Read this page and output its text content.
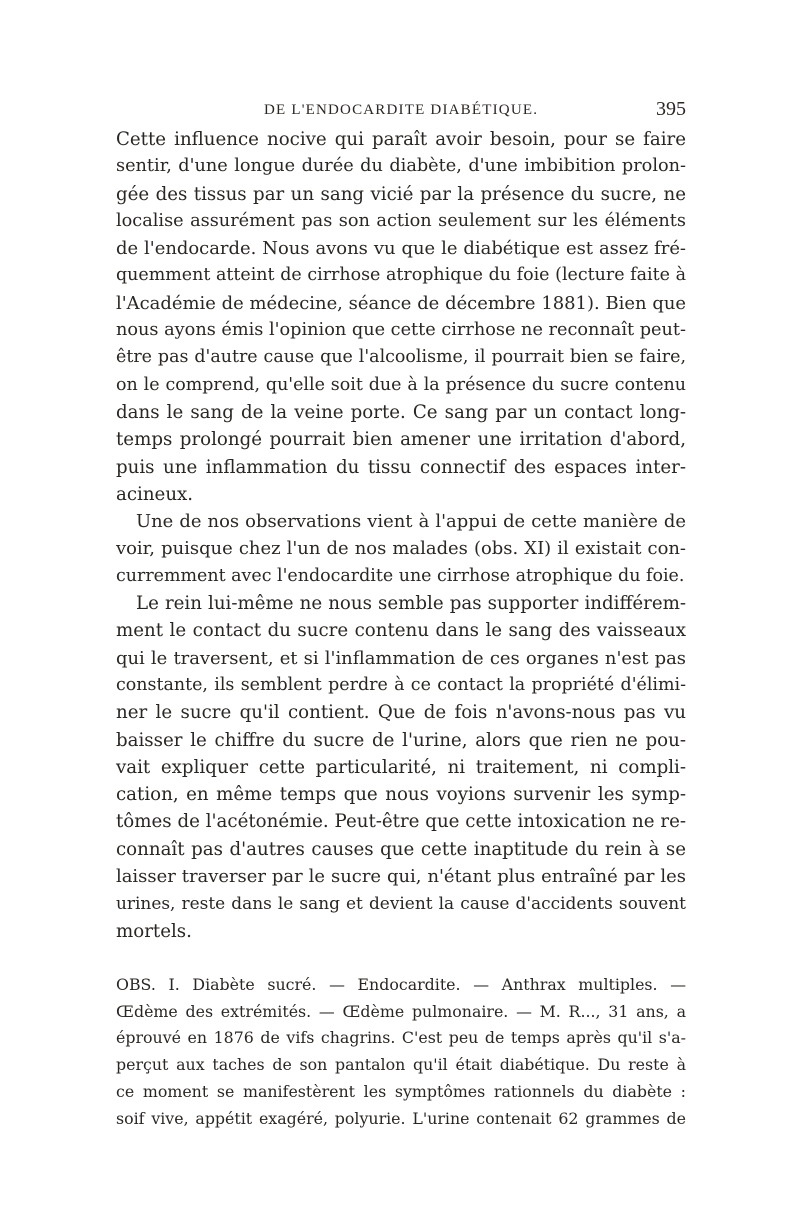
DE L'ENDOCARDITE DIABÉTIQUE.	395
Cette influence nocive qui paraît avoir besoin, pour se faire
sentir, d'une longue durée du diabète, d'une imbibition prolon-
gée des tissus par un sang vicié par la présence du sucre, ne
localise assurément pas son action seulement sur les éléments
de l'endocarde. Nous avons vu que le diabétique est assez fré-
quemment atteint de cirrhose atrophique du foie (lecture faite à
l'Académie de médecine, séance de décembre 1881). Bien que
nous ayons émis l'opinion que cette cirrhose ne reconnaît peut-
être pas d'autre cause que l'alcoolisme, il pourrait bien se faire,
on le comprend, qu'elle soit due à la présence du sucre contenu
dans le sang de la veine porte. Ce sang par un contact long-
temps prolongé pourrait bien amener une irritation d'abord,
puis une inflammation du tissu connectif des espaces inter-
acineux.
Une de nos observations vient à l'appui de cette manière de
voir, puisque chez l'un de nos malades (obs. XI) il existait con-
curremment avec l'endocardite une cirrhose atrophique du foie.
Le rein lui-même ne nous semble pas supporter indifférem-
ment le contact du sucre contenu dans le sang des vaisseaux
qui le traversent, et si l'inflammation de ces organes n'est pas
constante, ils semblent perdre à ce contact la propriété d'élimi-
ner le sucre qu'il contient. Que de fois n'avons-nous pas vu
baisser le chiffre du sucre de l'urine, alors que rien ne pou-
vait expliquer cette particularité, ni traitement, ni compli-
cation, en même temps que nous voyions survenir les symp-
tômes de l'acétonémie. Peut-être que cette intoxication ne re-
connaît pas d'autres causes que cette inaptitude du rein à se
laisser traverser par le sucre qui, n'étant plus entraîné par les
urines, reste dans le sang et devient la cause d'accidents souvent
mortels.
OBS. I. Diabète sucré. — Endocardite. — Anthrax multiples. —
Œdème des extrémités. — Œdème pulmonaire. — M. R..., 31 ans, a
éprouvé en 1876 de vifs chagrins. C'est peu de temps après qu'il s'a-
perçut aux taches de son pantalon qu'il était diabétique. Du reste à
ce moment se manifestèrent les symptômes rationnels du diabète :
soif vive, appétit exagéré, polyurie. L'urine contenait 62 grammes de
